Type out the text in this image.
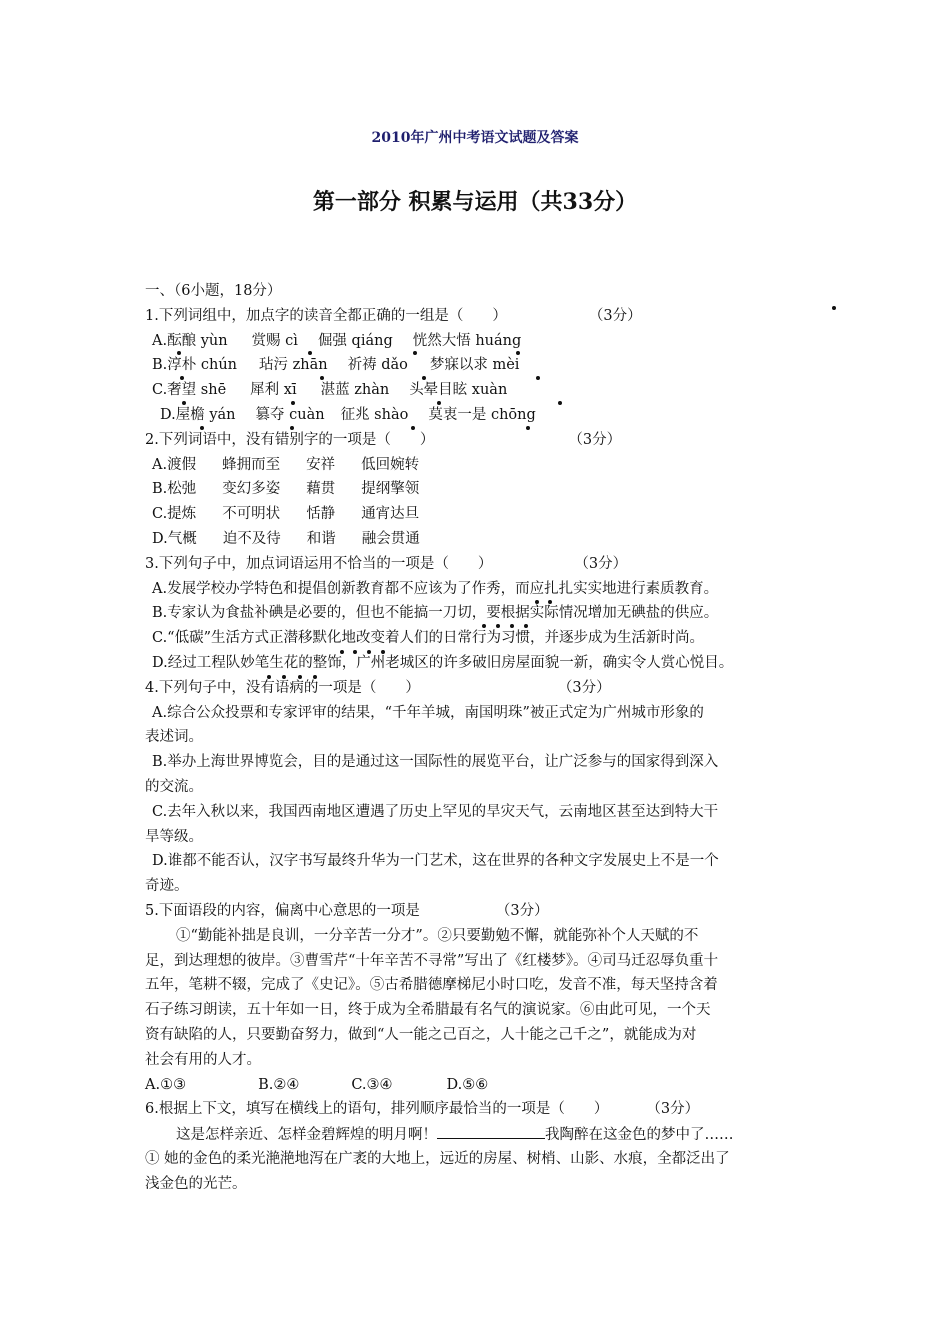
2010年广州中考语文试题及答案
第一部分 积累与运用（共33分）
一、（6小题，18分）
1.下列词组中，加点字的读音全都正确的一组是（　　）	（3分）
A.酝酿 yùn 赏赐 cì 倔强 qiáng 恍然大悟 huáng
B.淳朴 chún 玷污 zhān 祈祷 dǎo 梦寐以求 mèi
C.奢望 shē 犀利 xī 湛蓝 zhàn 头晕目眩 xuàn
D.屋檐 yán 篡夺 cuàn 征兆 shào 莫衷一是 chōng
2.下列词语中，没有错别字的一项是（　　）	（3分）
A.渡假 蜂拥而至 安祥 低回婉转
B.松弛 变幻多姿 藉贯 提纲擎领
C.提炼 不可明状 恬静 通宵达旦
D.气概 迫不及待 和谐 融会贯通
3.下列句子中，加点词语运用不恰当的一项是（　　）	（3分）
A.发展学校办学特色和提倡创新教育都不应该为了作秀，而应扎扎实实地进行素质教育。
B.专家认为食盐补碘是必要的，但也不能搞一刀切，要根据实际情况增加无碘盐的供应。
C.“低碳”生活方式正潜移默化地改变着人们的日常行为习惯，并逐步成为生活新时尚。
D.经过工程队妙笔生花的整饰，广州老城区的许多破旧房屋面貌一新，确实令人赏心悦目。
4.下列句子中，没有语病的一项是（　　）	（3分）
A.综合公众投票和专家评审的结果，“千年羊城，南国明珠”被正式定为广州城市形象的
表述词。
B.举办上海世界博览会，目的是通过这一国际性的展览平台，让广泛参与的国家得到深入
的交流。
C.去年入秋以来，我国西南地区遭遇了历史上罕见的旱灾天气，云南地区甚至达到特大干
旱等级。
D.谁都不能否认，汉字书写最终升华为一门艺术，这在世界的各种文字发展史上不是一个
奇迹。
5.下面语段的内容，偏离中心意思的一项是	（3分）
①“勤能补拙是良训，一分辛苦一分才”。②只要勤勉不懈，就能弥补个人天赋的不
足，到达理想的彼岸。③曹雪芹“十年辛苦不寻常”写出了《红楼梦》。④司马迁忍辱负重十
五年，笔耕不辍，完成了《史记》。⑤古希腊德摩梯尼小时口吃，发音不准，每天坚持含着
石子练习朗读，五十年如一日，终于成为全希腊最有名气的演说家。⑥由此可见，一个天
资有缺陷的人，只要勤奋努力，做到“人一能之己百之，人十能之己千之”，就能成为对
社会有用的人才。
A.①③	B.②④	C.③④	D.⑤⑥
6.根据上下文，填写在横线上的语句，排列顺序最恰当的一项是（　　）	（3分）
这是怎样亲近、怎样金碧辉煌的明月啊！	我陶醉在这金色的梦中了……
① 她的金色的柔光滟滟地泻在广袤的大地上，远近的房屋、树梢、山影、水痕，全都泛出了
浅金色的光芒。
